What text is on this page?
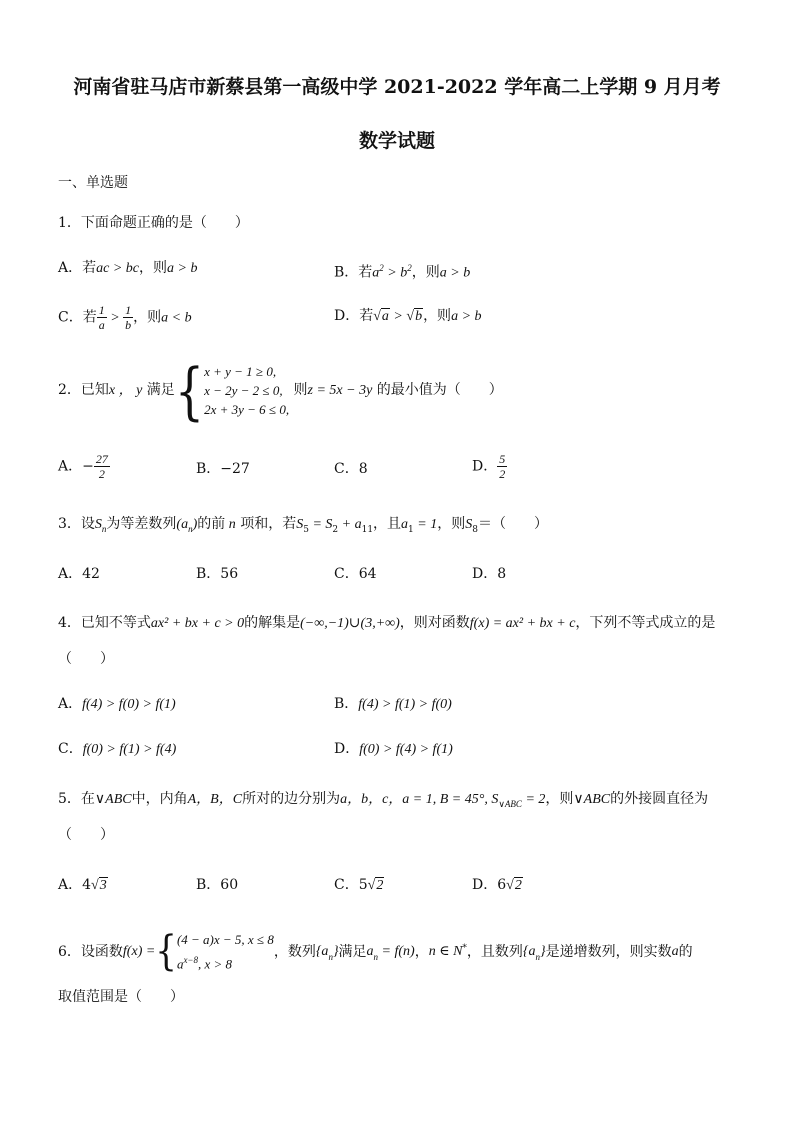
河南省驻马店市新蔡县第一高级中学 2021-2022 学年高二上学期 9 月月考
数学试题
一、单选题
1．下面命题正确的是（　　）
A．若ac > bc，则a > b	B．若$a^2 > b^2$，则a > b
C．若 $\frac{1}{a} > \frac{1}{b}$ ，则a < b	D．若√a > √b，则a > b
2．已知x ， y 满足{ x + y − 1 ≥ 0,
x − 2y − 2 ≤ 0,
2x + 3y − 6 ≤ 0,
则z = 5x − 3y 的最小值为（　　）
A．− $\frac{27}{2}$	B．−27	C．8	D． $\frac{5}{2}$
3．设$S_n$为等差数列$(a_n)$的前 n 项和，若$S_5 = S_2 + a_{11}$，且$a_1 = 1$，则$S_8=$（　　）
A．42	B．56	C．64	D．8
4．已知不等式ax² + bx + c > 0的解集是(−∞,−1)∪(3,+∞)，则对函数f(x) = ax² + bx + c，下列不等式成立的是
（　　）
A．f(4) > f(0) > f(1)	B．f(4) > f(1) > f(0)
C．f(0) > f(1) > f(4)	D．f(0) > f(4) > f(1)
5．在∨ABC中，内角A，B，C所对的边分别为a，b，c，a = 1, B = 45°, $S_{\vee ABC} = 2$，则∨ABC的外接圆直径为
（　　）
A．4√3	B．60	C．5√2	D．6√2
6．设函数f(x) ={ (4 − a)x − 5, x ≤ 8
$a^{x-8}$, x > 8
，数列$\{a_n\}$满足$a_n = f(n)$，n ∈ N*，且数列$\{a_n\}$是递增数列，则实数a的
取值范围是（　　）
